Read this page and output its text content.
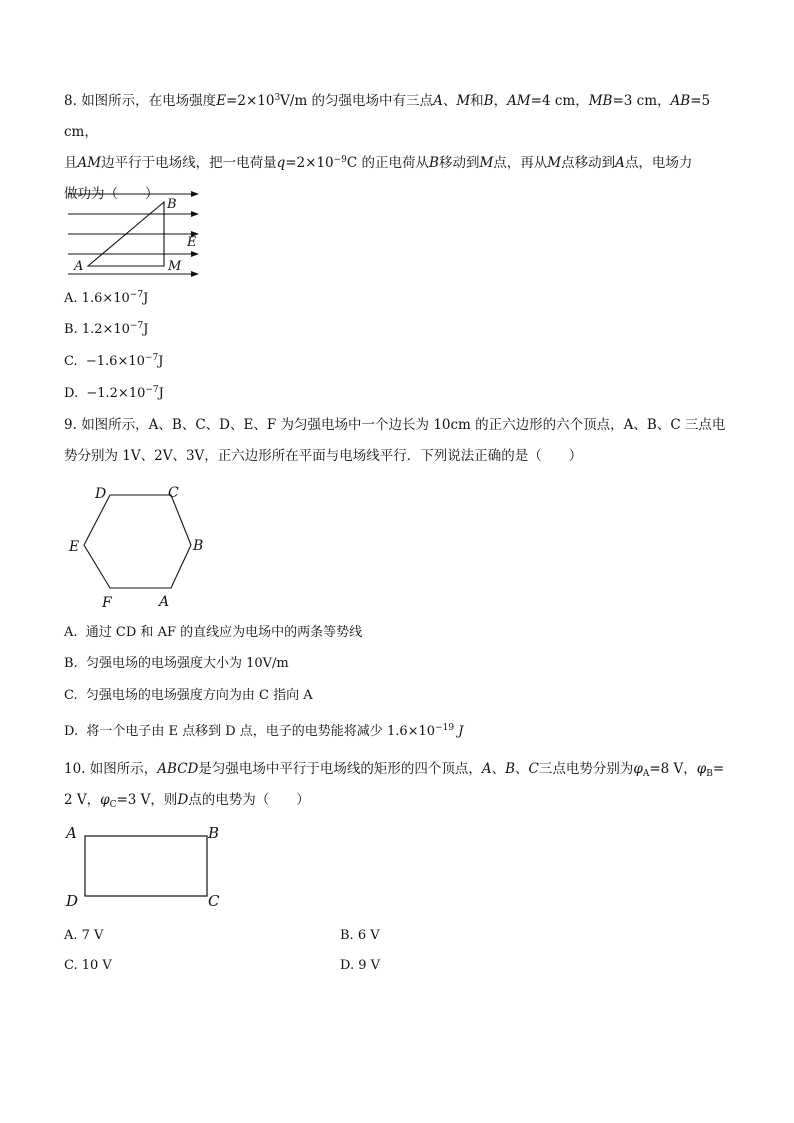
8. 如图所示，在电场强度$E=2\times 10^3V/m$ 的匀强电场中有三点A、M和B，AM=4 cm，MB=3 cm，AB=5 cm，
且AM边平行于电场线，把一电荷量$q=2\times 10^{-9}C$ 的正电荷从B移动到M点，再从M点移动到A点，电场力
做功为（　　）
B
E
A	M
A. $1.6\times 10^{-7}J$
B. $1.2\times 10^{-7}J$
C. $-1.6\times 10^{-7}J$
D. $-1.2\times 10^{-7}J$
9. 如图所示，A、B、C、D、E、F 为匀强电场中一个边长为 10cm 的正六边形的六个顶点，A、B、C 三点电
势分别为 1V、2V、3V，正六边形所在平面与电场线平行．下列说法正确的是（　　）
D	C
E	B
F	A
A. 通过 CD 和 AF 的直线应为电场中的两条等势线
B. 匀强电场的电场强度大小为 10V/m
C. 匀强电场的电场强度方向为由 C 指向 A
D. 将一个电子由 E 点移到 D 点，电子的电势能将减少 $1.6\times 10^{-19}$ J
10. 如图所示，ABCD是匀强电场中平行于电场线的矩形的四个顶点，A、B、C三点电势分别为$\varphi_A=8$ V，$\varphi_B=$
2 V，$\varphi_C=3$ V，则D点的电势为（　　）
A	B
D	C
A. 7 V	B. 6 V
C. 10 V	D. 9 V
